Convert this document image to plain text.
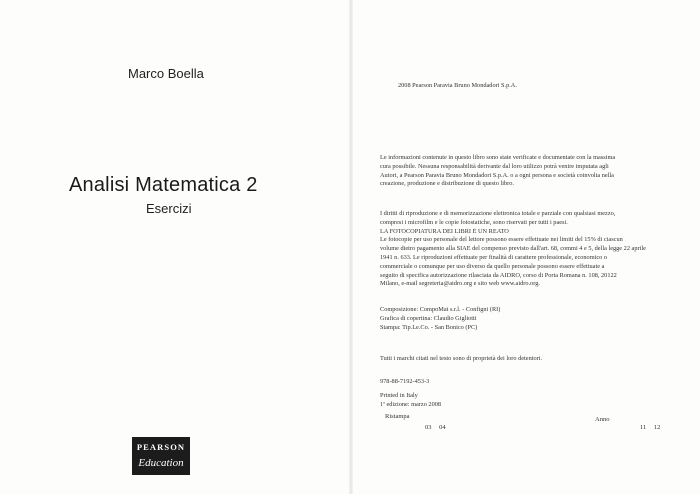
Marco Boella
Analisi Matematica 2
Esercizi
PEARSON
Education
2008 Pearson Paravia Bruno Mondadori S.p.A.
Le informazioni contenute in questo libro sono state verificate e documentate con la massima
cura possibile. Nessuna responsabilità derivante dal loro utilizzo potrà venire imputata agli
Autori, a Pearson Paravia Bruno Mondadori S.p.A. o a ogni persona e società coinvolta nella
creazione, produzione e distribuzione di questo libro.
I diritti di riproduzione e di memorizzazione elettronica totale e parziale con qualsiasi mezzo,
compresi i microfilm e le copie fotostatiche, sono riservati per tutti i paesi.
LA FOTOCOPIATURA DEI LIBRI È UN REATO
Le fotocopie per uso personale del lettore possono essere effettuate nei limiti del 15% di ciascun
volume dietro pagamento alla SIAE del compenso previsto dall'art. 68, commi 4 e 5, della legge 22 aprile
1941 n. 633. Le riproduzioni effettuate per finalità di carattere professionale, economico o
commerciale o comunque per uso diverso da quello personale possono essere effettuate a
seguito di specifica autorizzazione rilasciata da AIDRO, corso di Porta Romana n. 108, 20122
Milano, e-mail segreteria@aidro.org e sito web www.aidro.org.
Composizione: CompoMat s.r.l. - Configni (RI)
Grafica di copertina: Claudio Gigliotti
Stampa: Tip.Le.Co. - San Bonico (PC)
Tutti i marchi citati nel testo sono di proprietà dei loro detentori.
978-88-7192-453-3
Printed in Italy
1ª edizione: marzo 2008
Ristampa
03 04
Anno
11 12
